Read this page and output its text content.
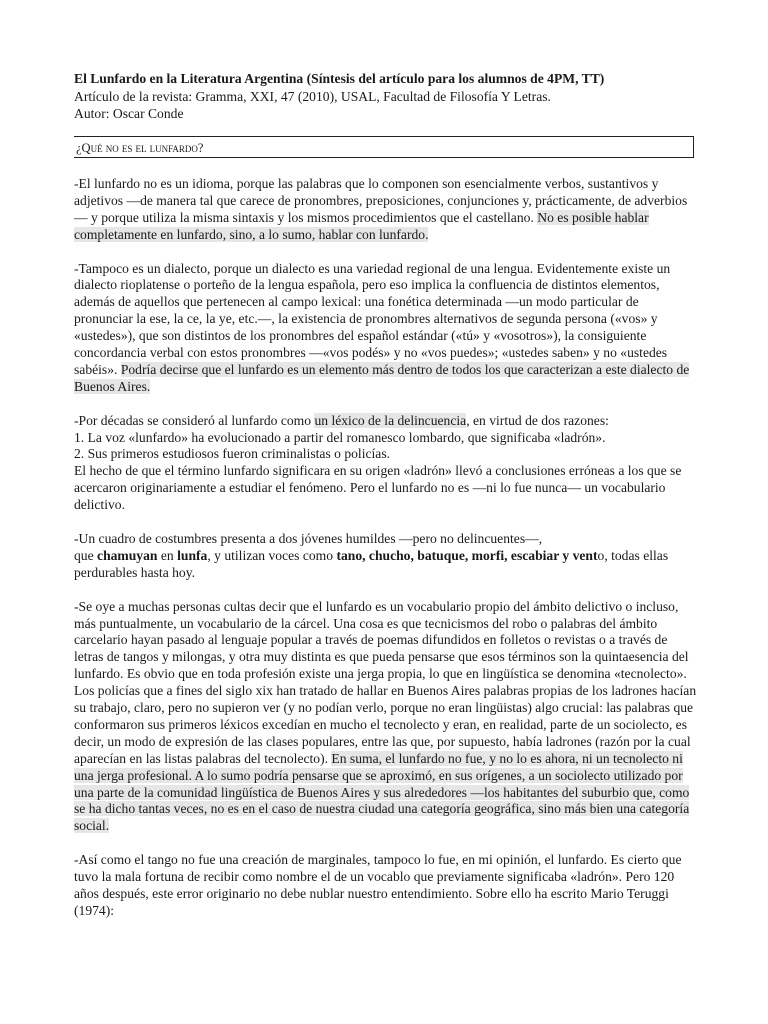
El Lunfardo en la Literatura Argentina (Síntesis del artículo para los alumnos de 4PM, TT)
Artículo de la revista: Gramma, XXI, 47 (2010), USAL, Facultad de Filosofía Y Letras.
Autor: Oscar Conde
¿Qué no es el lunfardo?

-El lunfardo no es un idioma, porque las palabras que lo componen son esencialmente verbos, sustantivos y adjetivos —de manera tal que carece de pronombres, preposiciones, conjunciones y, prácticamente, de adverbios— y porque utiliza la misma sintaxis y los mismos procedimientos que el castellano. No es posible hablar completamente en lunfardo, sino, a lo sumo, hablar con lunfardo.

-Tampoco es un dialecto, porque un dialecto es una variedad regional de una lengua. Evidentemente existe un dialecto rioplatense o porteño de la lengua española, pero eso implica la confluencia de distintos elementos, además de aquellos que pertenecen al campo lexical: una fonética determinada —un modo particular de pronunciar la ese, la ce, la ye, etc.—, la existencia de pronombres alternativos de segunda persona («vos» y «ustedes»), que son distintos de los pronombres del español estándar («tú» y «vosotros»), la consiguiente concordancia verbal con estos pronombres —«vos podés» y no «vos puedes»; «ustedes saben» y no «ustedes sabéis». Podría decirse que el lunfardo es un elemento más dentro de todos los que caracterizan a este dialecto de Buenos Aires.

-Por décadas se consideró al lunfardo como un léxico de la delincuencia, en virtud de dos razones:
1. La voz «lunfardo» ha evolucionado a partir del romanesco lombardo, que significaba «ladrón».
2. Sus primeros estudiosos fueron criminalistas o policías.
El hecho de que el término lunfardo significara en su origen «ladrón» llevó a conclusiones erróneas a los que se acercaron originariamente a estudiar el fenómeno. Pero el lunfardo no es —ni lo fue nunca— un vocabulario delictivo.

-Un cuadro de costumbres presenta a dos jóvenes humildes —pero no delincuentes—,
que chamuyan en lunfa, y utilizan voces como tano, chucho, batuque, morfi, escabiar y vento, todas ellas perdurables hasta hoy.

-Se oye a muchas personas cultas decir que el lunfardo es un vocabulario propio del ámbito delictivo o incluso, más puntualmente, un vocabulario de la cárcel. Una cosa es que tecnicismos del robo o palabras del ámbito carcelario hayan pasado al lenguaje popular a través de poemas difundidos en folletos o revistas o a través de letras de tangos y milongas, y otra muy distinta es que pueda pensarse que esos términos son la quintaesencia del lunfardo. Es obvio que en toda profesión existe una jerga propia, lo que en lingüística se denomina «tecnolecto». Los policías que a fines del siglo xix han tratado de hallar en Buenos Aires palabras propias de los ladrones hacían su trabajo, claro, pero no supieron ver (y no podían verlo, porque no eran lingüistas) algo crucial: las palabras que conformaron sus primeros léxicos excedían en mucho el tecnolecto y eran, en realidad, parte de un sociolecto, es decir, un modo de expresión de las clases populares, entre las que, por supuesto, había ladrones (razón por la cual aparecían en las listas palabras del tecnolecto). En suma, el lunfardo no fue, y no lo es ahora, ni un tecnolecto ni una jerga profesional. A lo sumo podría pensarse que se aproximó, en sus orígenes, a un sociolecto utilizado por una parte de la comunidad lingüística de Buenos Aires y sus alrededores —los habitantes del suburbio que, como se ha dicho tantas veces, no es en el caso de nuestra ciudad una categoría geográfica, sino más bien una categoría social.

-Así como el tango no fue una creación de marginales, tampoco lo fue, en mi opinión, el lunfardo. Es cierto que tuvo la mala fortuna de recibir como nombre el de un vocablo que previamente significaba «ladrón». Pero 120 años después, este error originario no debe nublar nuestro entendimiento. Sobre ello ha escrito Mario Teruggi (1974):
